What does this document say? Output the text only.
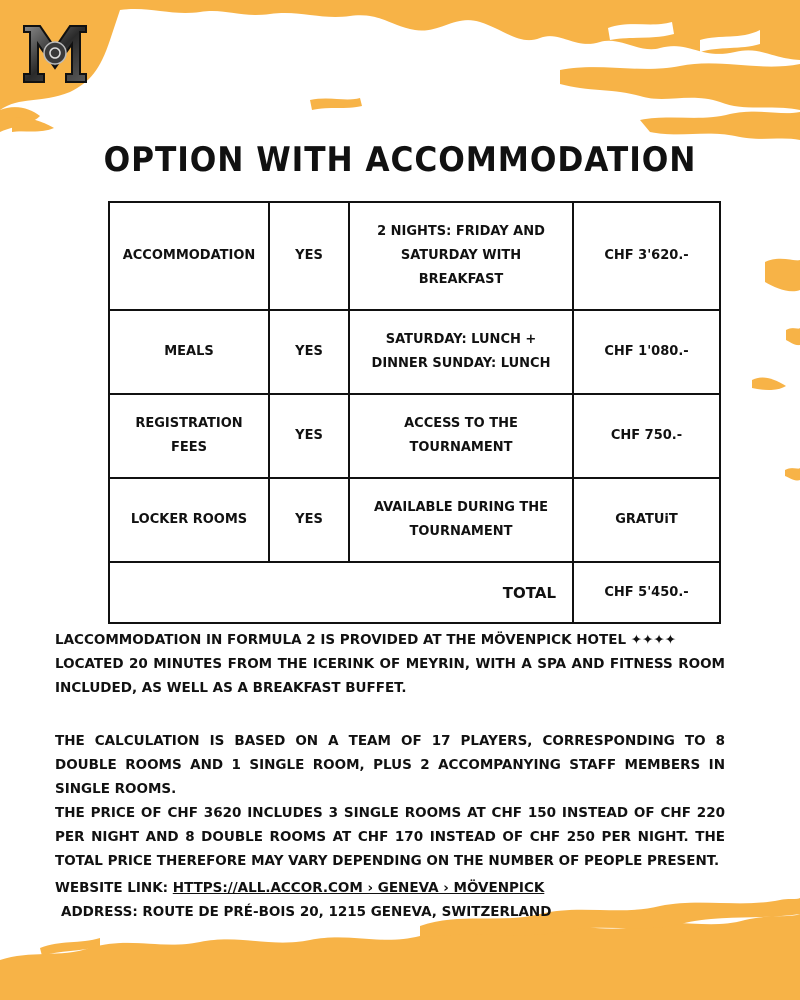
OPTION WITH ACCOMMODATION
ACCOMMODATION	YES	2 NIGHTS: FRIDAY AND SATURDAY WITH BREAKFAST	CHF 3'620.-
MEALS	YES	SATURDAY: LUNCH + DINNER SUNDAY: LUNCH	CHF 1'080.-
REGISTRATION FEES	YES	ACCESS TO THE TOURNAMENT	CHF 750.-
LOCKER ROOMS	YES	AVAILABLE DURING THE TOURNAMENT	GRATUiT
TOTAL			CHF 5'450.-
LACCOMMODATION IN FORMULA 2 IS PROVIDED AT THE MÖVENPICK HOTEL ✦✦✦✦
LOCATED 20 MINUTES FROM THE ICERINK OF MEYRIN, WITH A SPA AND FITNESS ROOM INCLUDED, AS WELL AS A BREAKFAST BUFFET.
THE CALCULATION IS BASED ON A TEAM OF 17 PLAYERS, CORRESPONDING TO 8 DOUBLE ROOMS AND 1 SINGLE ROOM, PLUS 2 ACCOMPANYING STAFF MEMBERS IN SINGLE ROOMS.
THE PRICE OF CHF 3620 INCLUDES 3 SINGLE ROOMS AT CHF 150 INSTEAD OF CHF 220 PER NIGHT AND 8 DOUBLE ROOMS AT CHF 170 INSTEAD OF CHF 250 PER NIGHT. THE TOTAL PRICE THEREFORE MAY VARY DEPENDING ON THE NUMBER OF PEOPLE PRESENT.
WEBSITE LINK: HTTPS://ALL.ACCOR.COM › GENEVA › MÖVENPICK
ADDRESS: ROUTE DE PRÉ-BOIS 20, 1215 GENEVA, SWITZERLAND
